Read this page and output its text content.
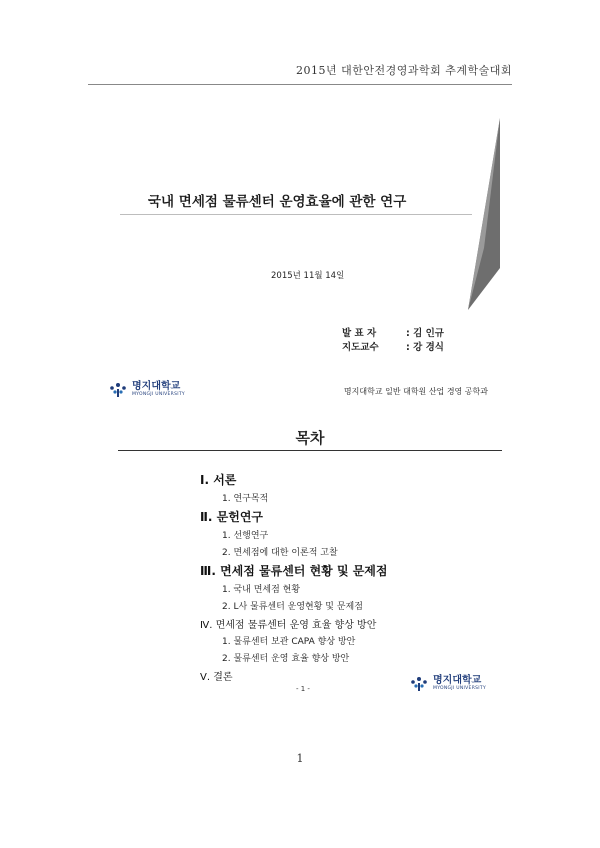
2015년 대한안전경영과학회 추계학술대회
국내 면세점 물류센터 운영효율에 관한 연구
2015년 11월 14일
발 표 자	: 김 인규
지도교수	: 강 경식
명지대학교
MYONGJI UNIVERSITY	명지대학교 일반 대학원 산업 경영 공학과
목차
Ⅰ. 서론
1. 연구목적
Ⅱ. 문헌연구
1. 선행연구
2. 면세점에 대한 이론적 고찰
Ⅲ. 면세점 물류센터 현황 및 문제점
1. 국내 면세점 현황
2. L사 물류센터 운영현황 및 문제점
Ⅳ. 면세점 물류센터 운영 효율 향상 방안
1. 물류센터 보관 CAPA 향상 방안
2. 물류센터 운영 효율 향상 방안
Ⅴ. 결론
- 1 -
명지대학교
MYONGJI UNIVERSITY
1
